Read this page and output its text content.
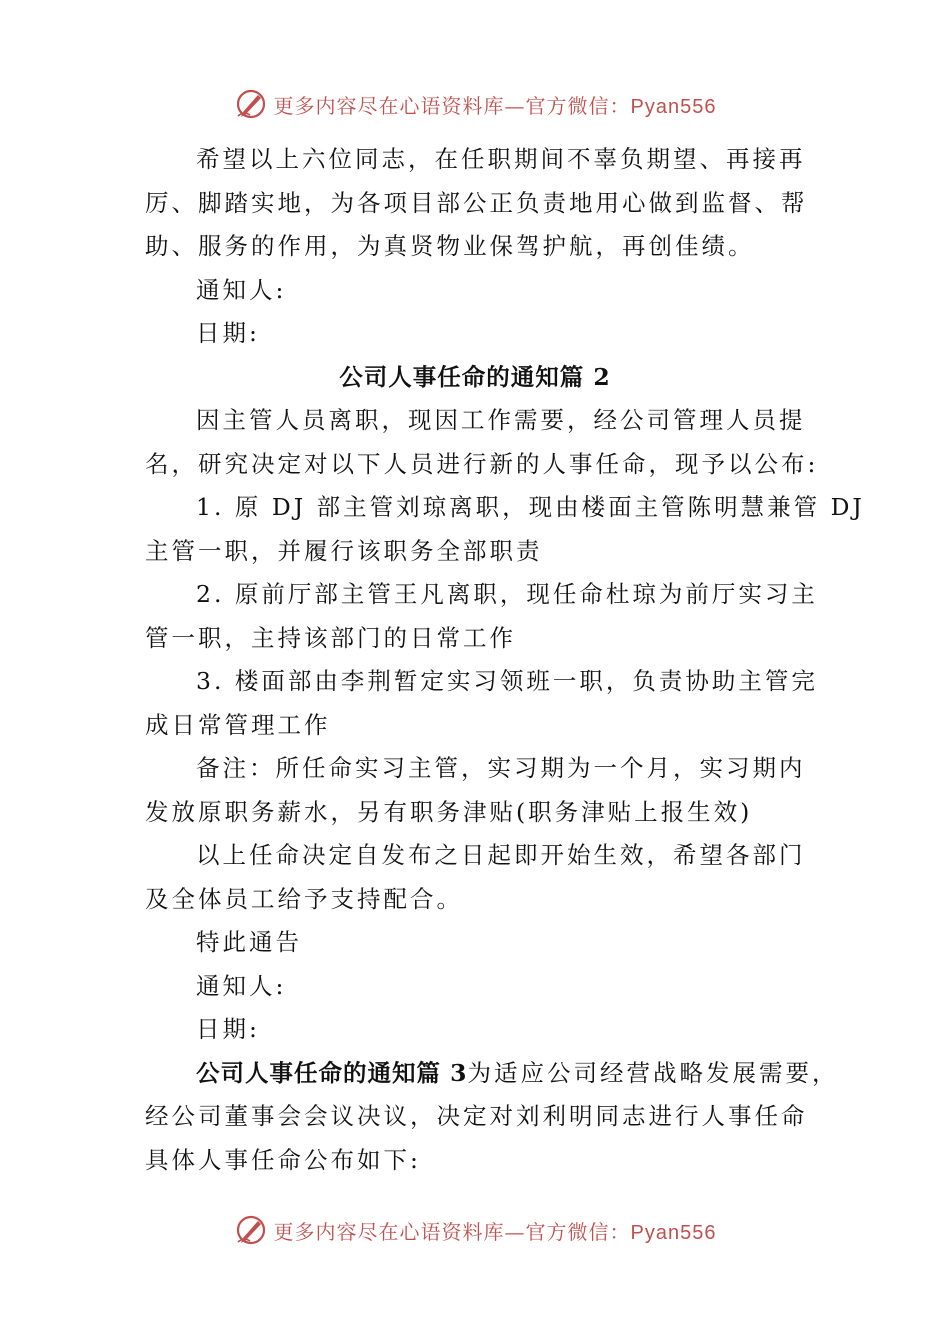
更多内容尽在心语资料库—官方微信：Pyan556

希望以上六位同志，在任职期间不辜负期望、再接再

厉、脚踏实地，为各项目部公正负责地用心做到监督、帮

助、服务的作用，为真贤物业保驾护航，再创佳绩。

通知人:

日期:

公司人事任命的通知篇 2

因主管人员离职，现因工作需要，经公司管理人员提

名，研究决定对以下人员进行新的人事任命，现予以公布:

1. 原 DJ 部主管刘琼离职，现由楼面主管陈明慧兼管 DJ

主管一职，并履行该职务全部职责

2. 原前厅部主管王凡离职，现任命杜琼为前厅实习主

管一职，主持该部门的日常工作

3. 楼面部由李荆暂定实习领班一职，负责协助主管完

成日常管理工作

备注：所任命实习主管，实习期为一个月，实习期内

发放原职务薪水，另有职务津贴(职务津贴上报生效)

以上任命决定自发布之日起即开始生效，希望各部门

及全体员工给予支持配合。

特此通告

通知人:

日期:

公司人事任命的通知篇 3为适应公司经营战略发展需要，

经公司董事会会议决议，决定对刘利明同志进行人事任命

具体人事任命公布如下:

更多内容尽在心语资料库—官方微信：Pyan556
